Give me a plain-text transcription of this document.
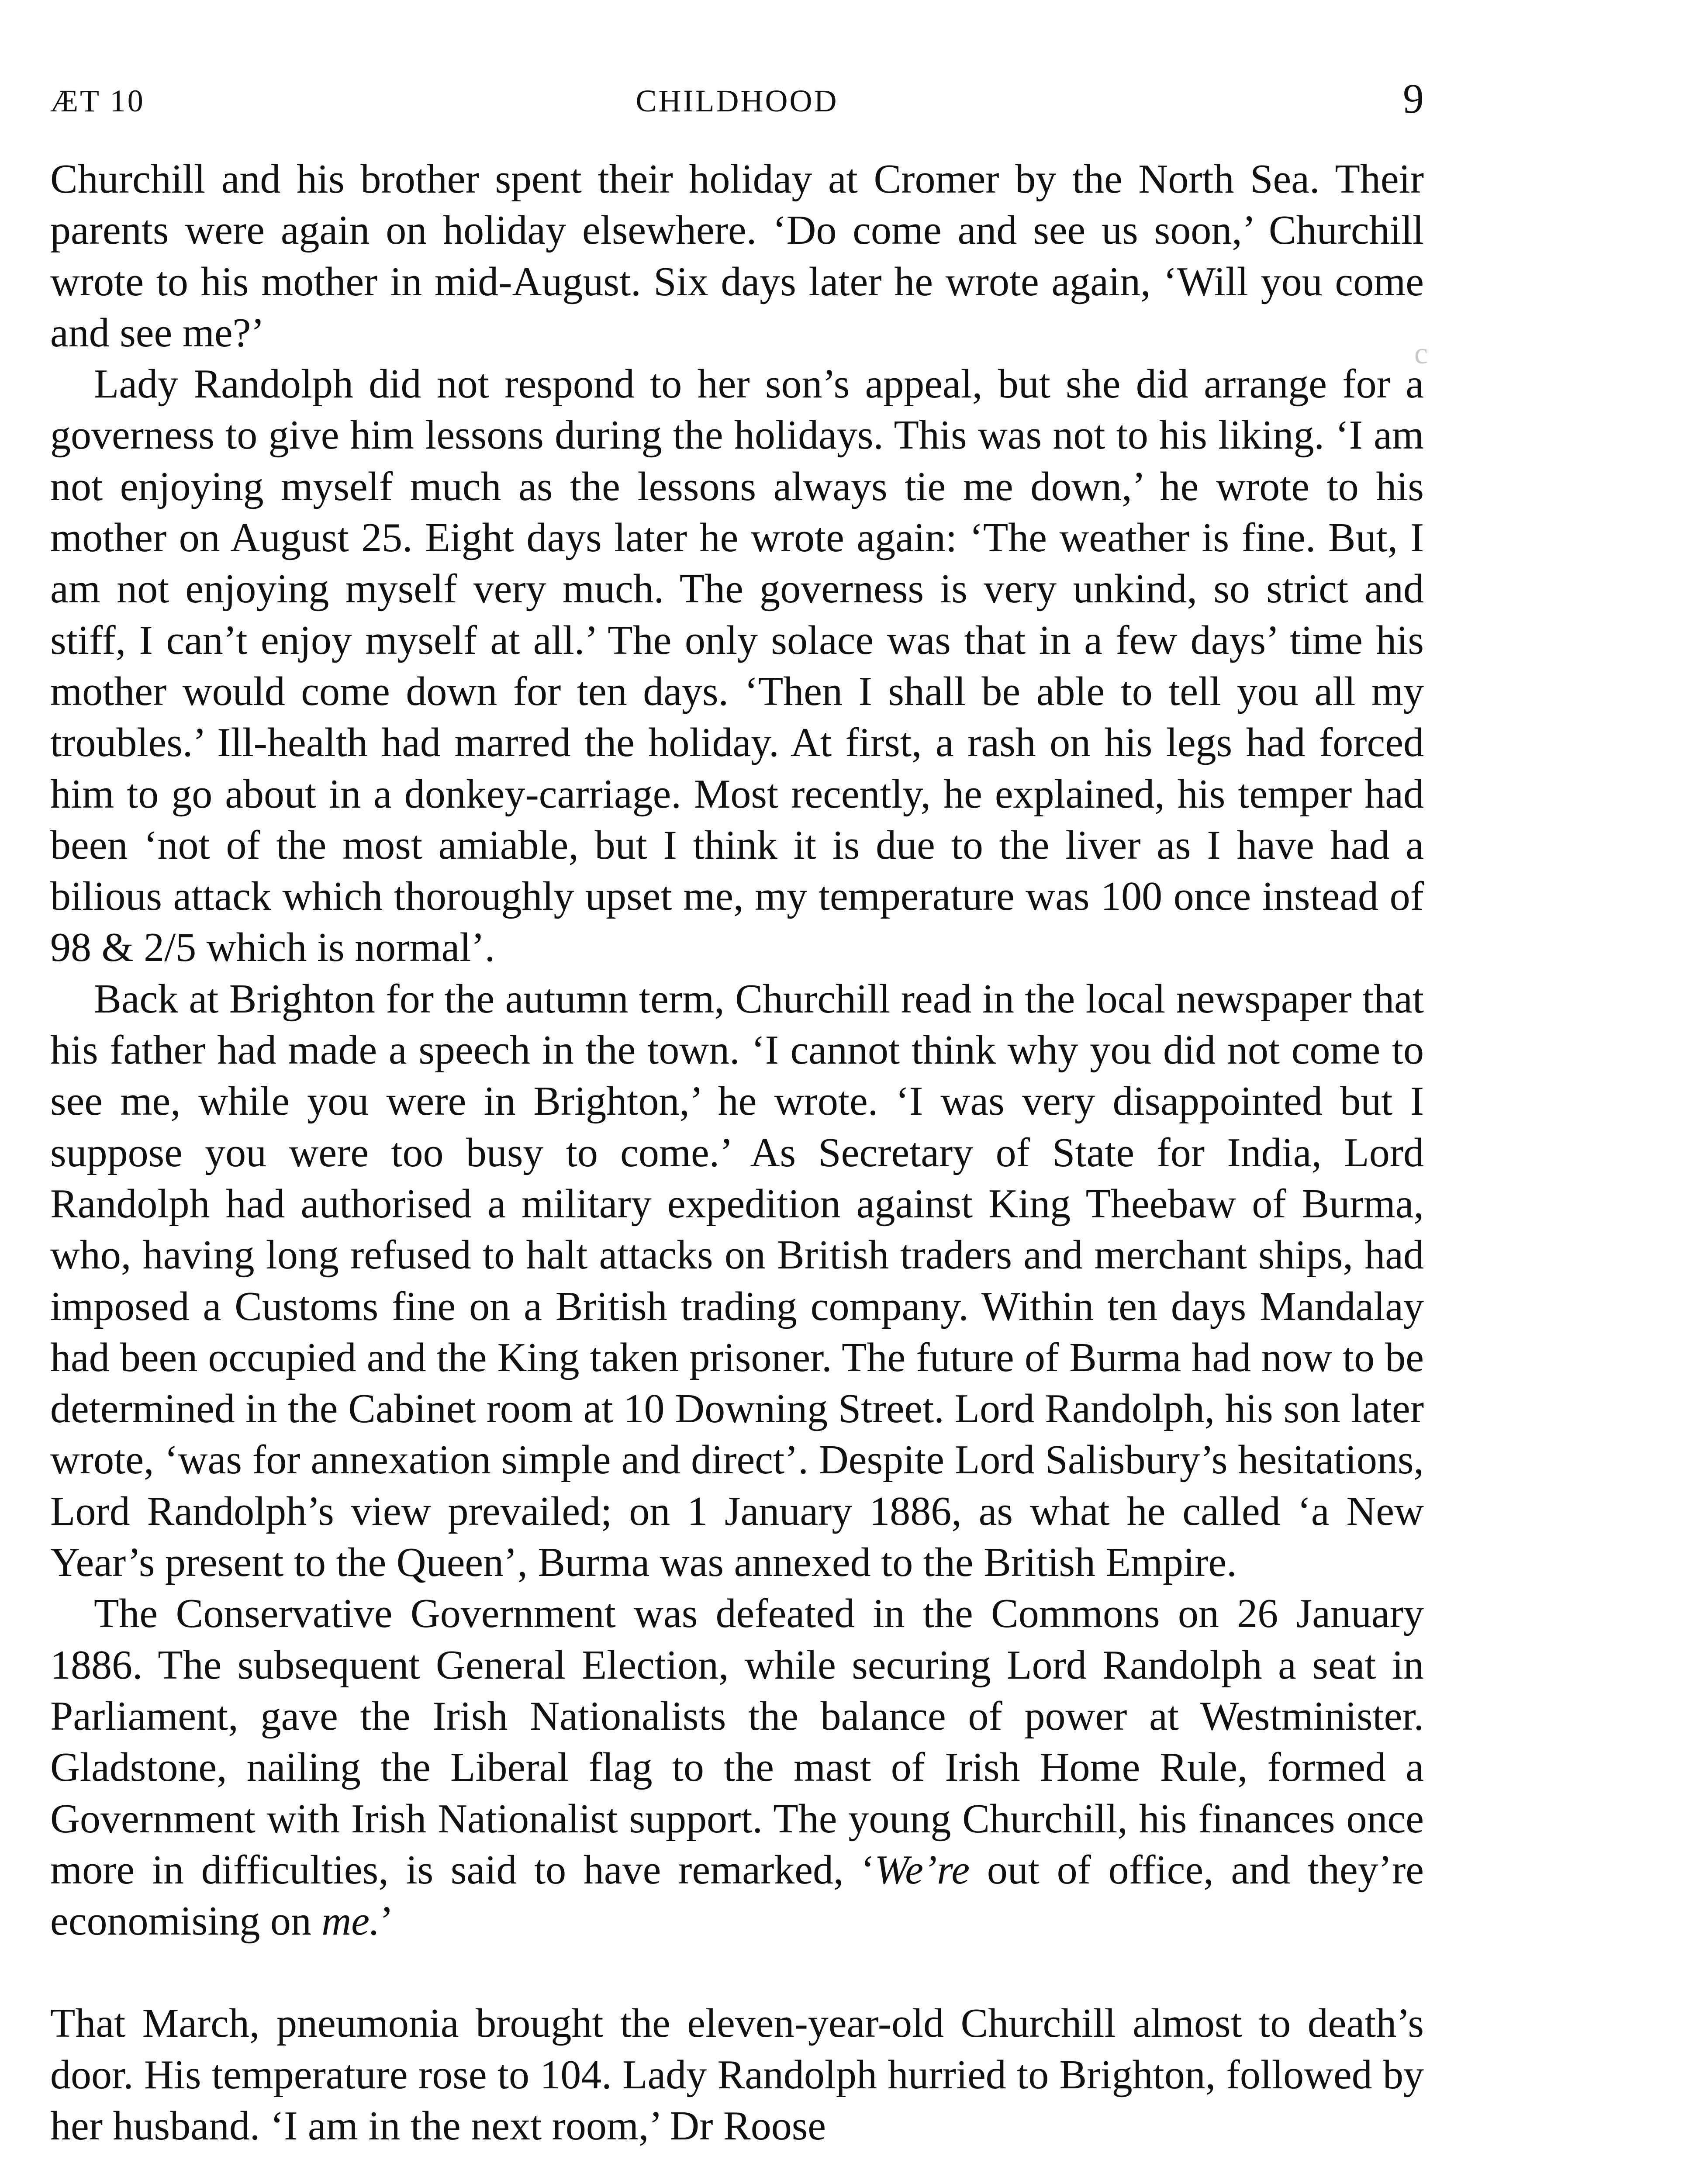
ÆT 10	CHILDHOOD	9
c

Churchill and his brother spent their holiday at Cromer by the North Sea. Their parents were again on holiday elsewhere. ‘Do come and see us soon,’ Churchill wrote to his mother in mid-August. Six days later he wrote again, ‘Will you come and see me?’

Lady Randolph did not respond to her son’s appeal, but she did arrange for a governess to give him lessons during the holidays. This was not to his liking. ‘I am not enjoying myself much as the lessons always tie me down,’ he wrote to his mother on August 25. Eight days later he wrote again: ‘The weather is fine. But, I am not enjoying myself very much. The governess is very unkind, so strict and stiff, I can’t enjoy myself at all.’ The only solace was that in a few days’ time his mother would come down for ten days. ‘Then I shall be able to tell you all my troubles.’ Ill-health had marred the holiday. At first, a rash on his legs had forced him to go about in a donkey-carriage. Most recently, he explained, his temper had been ‘not of the most amiable, but I think it is due to the liver as I have had a bilious attack which thoroughly upset me, my temperature was 100 once instead of 98 & 2/5 which is normal’.

Back at Brighton for the autumn term, Churchill read in the local newspaper that his father had made a speech in the town. ‘I cannot think why you did not come to see me, while you were in Brighton,’ he wrote. ‘I was very disappointed but I suppose you were too busy to come.’ As Secretary of State for India, Lord Randolph had authorised a military expedition against King Theebaw of Burma, who, having long refused to halt attacks on British traders and merchant ships, had imposed a Customs fine on a British trading company. Within ten days Mandalay had been occupied and the King taken prisoner. The future of Burma had now to be determined in the Cabinet room at 10 Downing Street. Lord Randolph, his son later wrote, ‘was for annexation simple and direct’. Despite Lord Salisbury’s hesitations, Lord Randolph’s view prevailed; on 1 January 1886, as what he called ‘a New Year’s present to the Queen’, Burma was annexed to the British Empire.

The Conservative Government was defeated in the Commons on 26 January 1886. The subsequent General Election, while securing Lord Randolph a seat in Parliament, gave the Irish Nationalists the balance of power at Westminister. Gladstone, nailing the Liberal flag to the mast of Irish Home Rule, formed a Government with Irish Nationalist support. The young Churchill, his finances once more in difficulties, is said to have remarked, ‘We’re out of office, and they’re economising on me.’

That March, pneumonia brought the eleven-year-old Churchill almost to death’s door. His temperature rose to 104. Lady Randolph hurried to Brighton, followed by her husband. ‘I am in the next room,’ Dr Roose
